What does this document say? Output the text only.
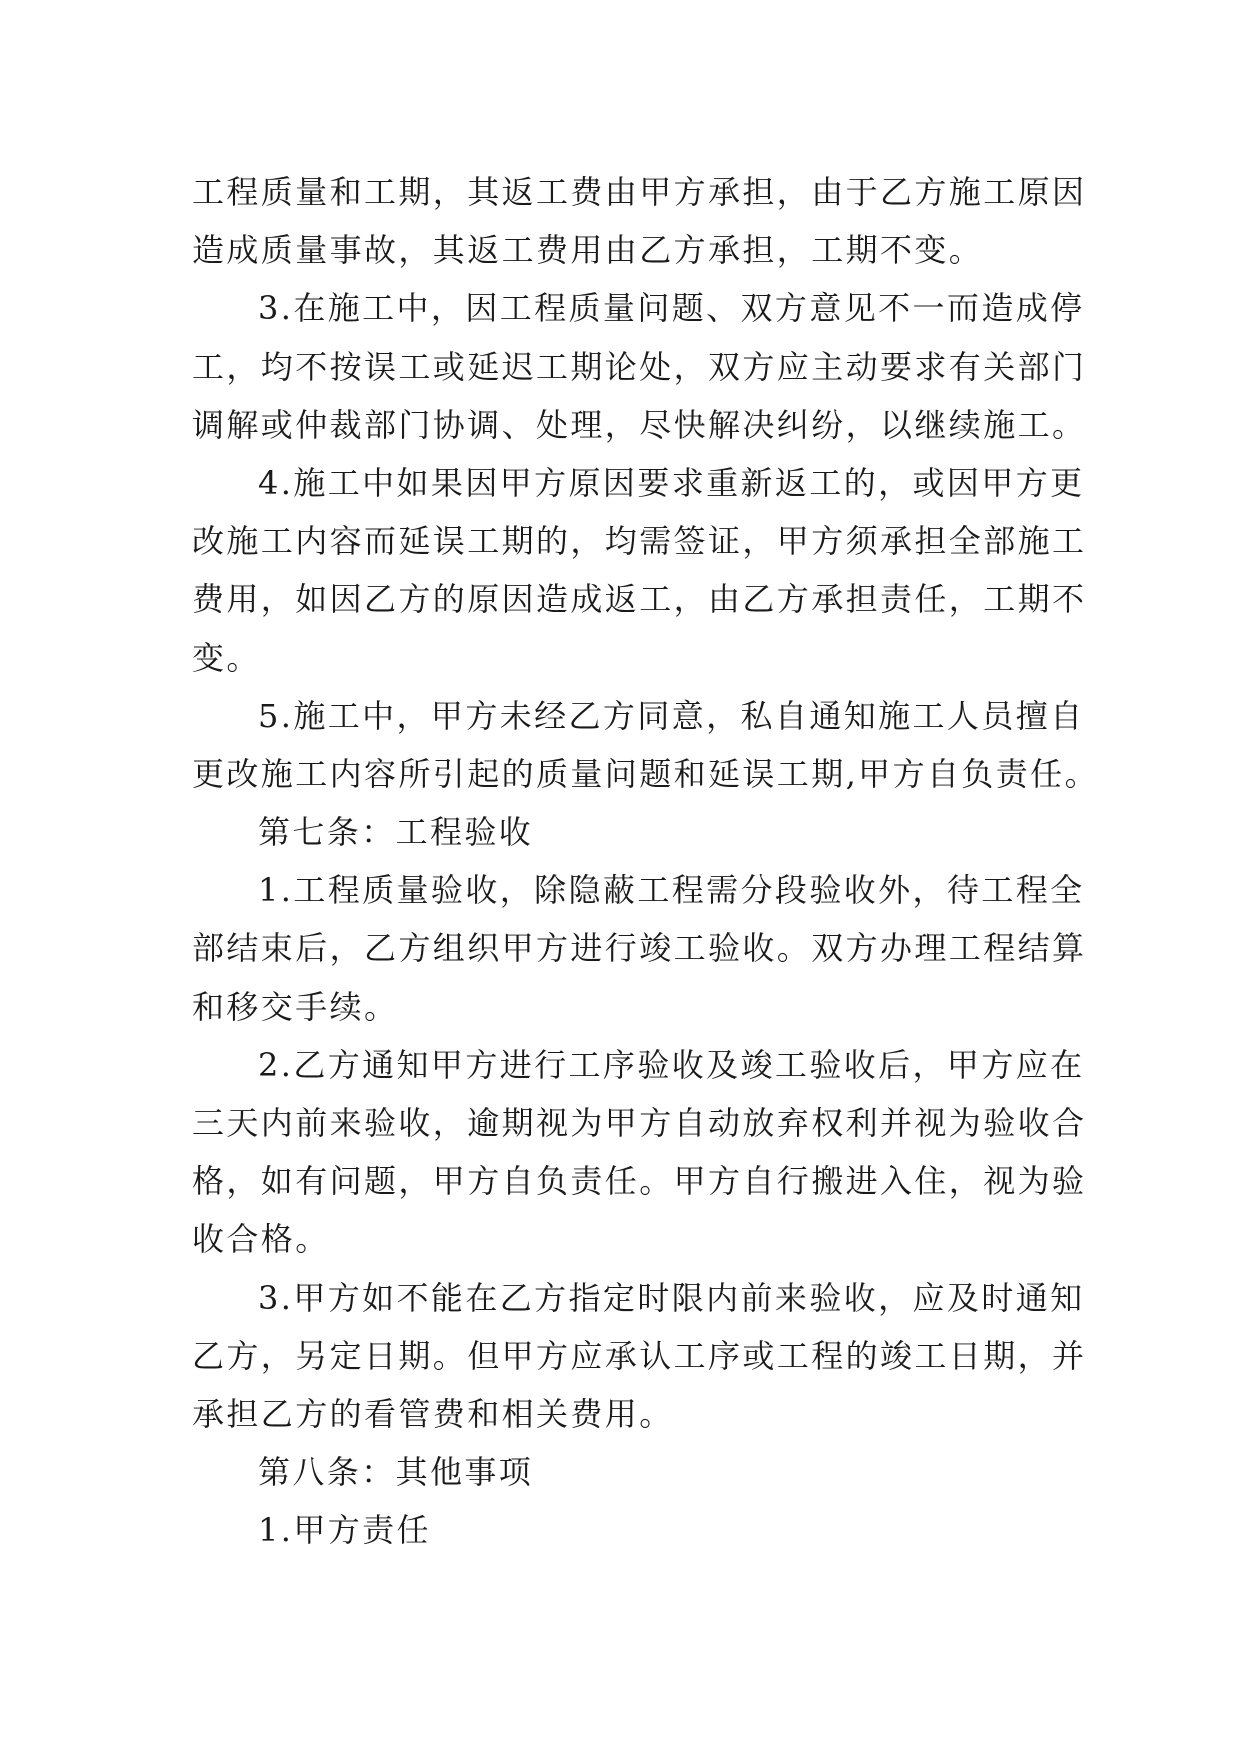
工程质量和工期，其返工费由甲方承担，由于乙方施工原因
造成质量事故，其返工费用由乙方承担，工期不变。
3.在施工中，因工程质量问题、双方意见不一而造成停
工，均不按误工或延迟工期论处，双方应主动要求有关部门
调解或仲裁部门协调、处理，尽快解决纠纷，以继续施工。
4.施工中如果因甲方原因要求重新返工的，或因甲方更
改施工内容而延误工期的，均需签证，甲方须承担全部施工
费用，如因乙方的原因造成返工，由乙方承担责任，工期不
变。
5.施工中，甲方未经乙方同意，私自通知施工人员擅自
更改施工内容所引起的质量问题和延误工期,甲方自负责任。
第七条：工程验收
1.工程质量验收，除隐蔽工程需分段验收外，待工程全
部结束后，乙方组织甲方进行竣工验收。双方办理工程结算
和移交手续。
2.乙方通知甲方进行工序验收及竣工验收后，甲方应在
三天内前来验收，逾期视为甲方自动放弃权利并视为验收合
格，如有问题，甲方自负责任。甲方自行搬进入住，视为验
收合格。
3.甲方如不能在乙方指定时限内前来验收，应及时通知
乙方，另定日期。但甲方应承认工序或工程的竣工日期，并
承担乙方的看管费和相关费用。
第八条：其他事项
1.甲方责任
